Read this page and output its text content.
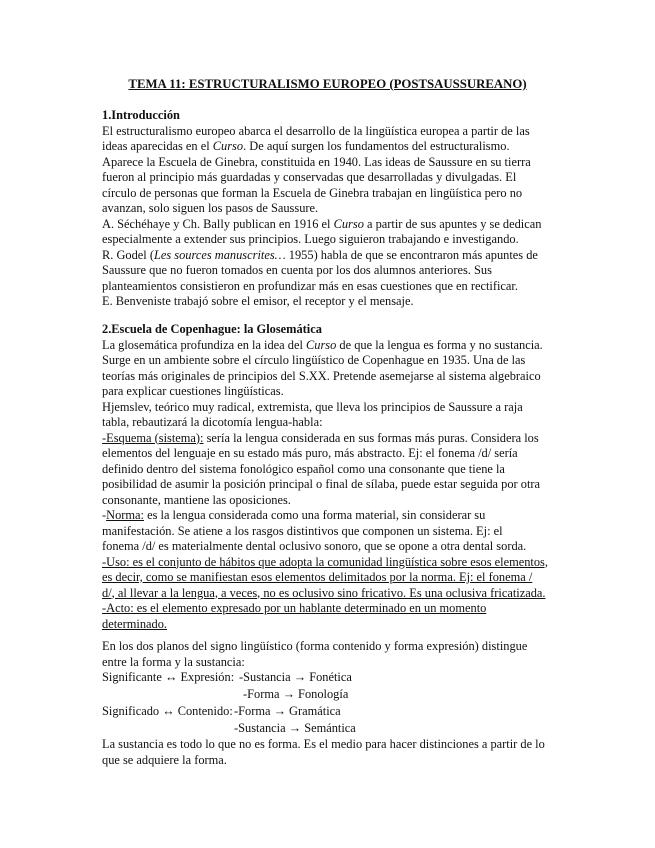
TEMA 11: ESTRUCTURALISMO EUROPEO (POSTSAUSSUREANO)
1.Introducción
El estructuralismo europeo abarca el desarrollo de la lingüística europea a partir de las
ideas aparecidas en el Curso. De aquí surgen los fundamentos del estructuralismo.
Aparece la Escuela de Ginebra, constituida en 1940. Las ideas de Saussure en su tierra
fueron al principio más guardadas y conservadas que desarrolladas y divulgadas. El
círculo de personas que forman la Escuela de Ginebra trabajan en lingüística pero no
avanzan, solo siguen los pasos de Saussure.
A. Séchéhaye y Ch. Bally publican en 1916 el Curso a partir de sus apuntes y se dedican
especialmente a extender sus principios. Luego siguieron trabajando e investigando.
R. Godel (Les sources manuscrites… 1955) habla de que se encontraron más apuntes de
Saussure que no fueron tomados en cuenta por los dos alumnos anteriores. Sus
planteamientos consistieron en profundizar más en esas cuestiones que en rectificar.
E. Benveniste trabajó sobre el emisor, el receptor y el mensaje.
2.Escuela de Copenhague: la Glosemática
La glosemática profundiza en la idea del Curso de que la lengua es forma y no sustancia.
Surge en un ambiente sobre el círculo lingüístico de Copenhague en 1935. Una de las
teorías más originales de principios del S.XX. Pretende asemejarse al sistema algebraico
para explicar cuestiones lingüísticas.
Hjemslev, teórico muy radical, extremista, que lleva los principios de Saussure a raja
tabla, rebautizará la dicotomía lengua-habla:
-Esquema (sistema): sería la lengua considerada en sus formas más puras. Considera los
elementos del lenguaje en su estado más puro, más abstracto. Ej: el fonema /d/ sería
definido dentro del sistema fonológico español como una consonante que tiene la
posibilidad de asumir la posición principal o final de sílaba, puede estar seguida por otra
consonante, mantiene las oposiciones.
-Norma: es la lengua considerada como una forma material, sin considerar su
manifestación. Se atiene a los rasgos distintivos que componen un sistema. Ej: el
fonema /d/ es materialmente dental oclusivo sonoro, que se opone a otra dental sorda.
-Uso: es el conjunto de hábitos que adopta la comunidad lingüística sobre esos elementos,
es decir, como se manifiestan esos elementos delimitados por la norma. Ej: el fonema /
d/, al llevar a la lengua, a veces, no es oclusivo sino fricativo. Es una oclusiva fricatizada.
-Acto: es el elemento expresado por un hablante determinado en un momento
determinado.
En los dos planos del signo lingüístico (forma contenido y forma expresión) distingue
entre la forma y la sustancia:
Significante ↔ Expresión: -Sustancia → Fonética
-Forma → Fonología
Significado ↔ Contenido: -Forma → Gramática
-Sustancia → Semántica
La sustancia es todo lo que no es forma. Es el medio para hacer distinciones a partir de lo
que se adquiere la forma.
